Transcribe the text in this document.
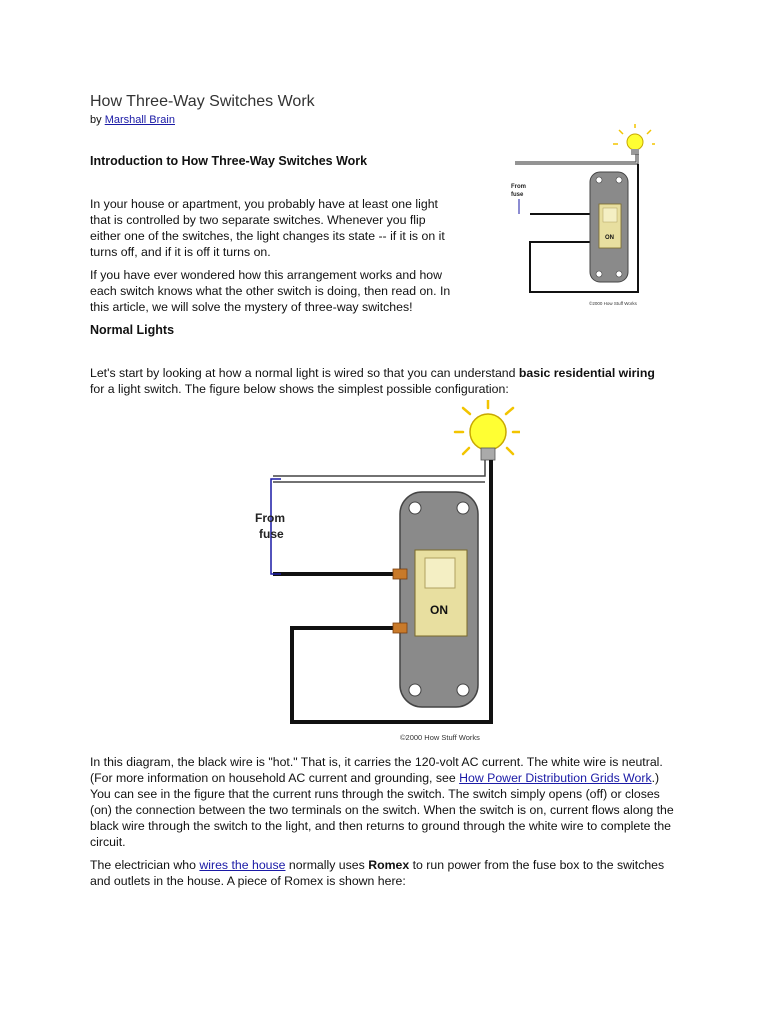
How Three-Way Switches Work
by Marshall Brain
Introduction to How Three-Way Switches Work
In your house or apartment, you probably have at least one light
that is controlled by two separate switches. Whenever you flip
either one of the switches, the light changes its state -- if it is on it
turns off, and if it is off it turns on.
If you have ever wondered how this arrangement works and how
each switch knows what the other switch is doing, then read on. In
this article, we will solve the mystery of three-way switches!
From
fuse
ON
©2000 How Stuff Works
Normal Lights
Let's start by looking at how a normal light is wired so that you can understand basic residential wiring for a light switch. The figure below shows the simplest possible configuration:
From
fuse
ON
©2000 How Stuff Works
In this diagram, the black wire is "hot." That is, it carries the 120-volt AC current. The white wire is neutral. (For more information on household AC current and grounding, see How Power Distribution Grids Work.) You can see in the figure that the current runs through the switch. The switch simply opens (off) or closes (on) the connection between the two terminals on the switch. When the switch is on, current flows along the black wire through the switch to the light, and then returns to ground through the white wire to complete the circuit.
The electrician who wires the house normally uses Romex to run power from the fuse box to the switches and outlets in the house. A piece of Romex is shown here:
